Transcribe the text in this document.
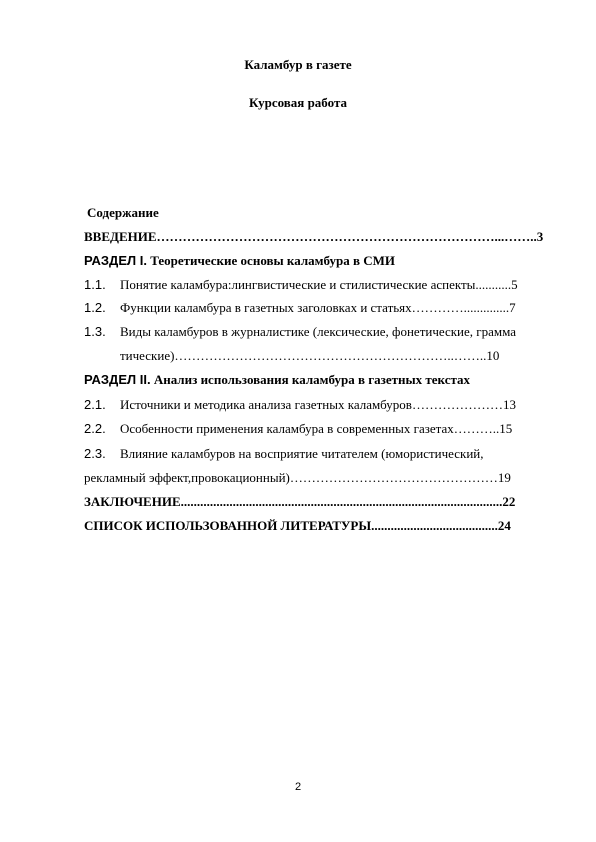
Каламбур в газете
Курсовая работа
Содержание
ВВЕДЕНИЕ……………………………………………………………………...……..3
РАЗДЕЛ I. Теоретические основы каламбура в СМИ
1.1. Понятие каламбура:лингвистические и стилистические аспекты...........5
1.2. Функции каламбура в газетных заголовках и статьях…………..............7
1.3. Виды каламбуров в журналистике (лексические, фонетические, грамма
тические)………………………………………………………..……..10
РАЗДЕЛ II. Анализ использования каламбура в газетных текстах
2.1. Источники и методика анализа газетных каламбуров…………………13
2.2. Особенности применения каламбура в современных газетах………..15
2.3. Влияние каламбуров на восприятие читателем (юмористический,
рекламный эффект,провокационный)…………………………………………19
ЗАКЛЮЧЕНИЕ...................................................................................................22
СПИСОК ИСПОЛЬЗОВАННОЙ ЛИТЕРАТУРЫ.......................................24
2
